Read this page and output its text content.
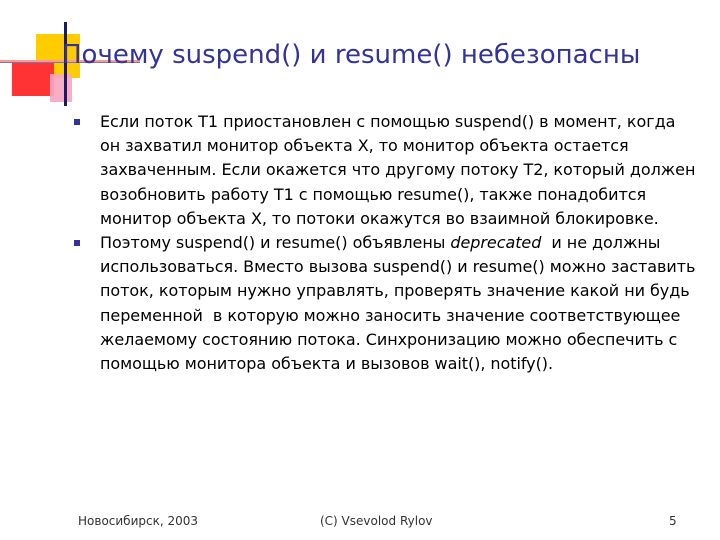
Почему suspend() и resume() небезопасны
Если поток T1 приостановлен с помощью suspend() в момент, когда он захватил монитор объекта X, то монитор объекта остается захваченным. Если окажется что другому потоку T2, который должен возобновить работу T1 с помощью resume(), также понадобится монитор объекта X, то потоки окажутся во взаимной блокировке.
Поэтому suspend() и resume() объявлены deprecated  и не должны использоваться. Вместо вызова suspend() и resume() можно заставить поток, которым нужно управлять, проверять значение какой ни будь переменной  в которую можно заносить значение соответствующее желаемому состоянию потока. Синхронизацию можно обеспечить с помощью монитора объекта и вызовов wait(), notify().
Новосибирск, 2003	(C) Vsevolod Rylov	5
